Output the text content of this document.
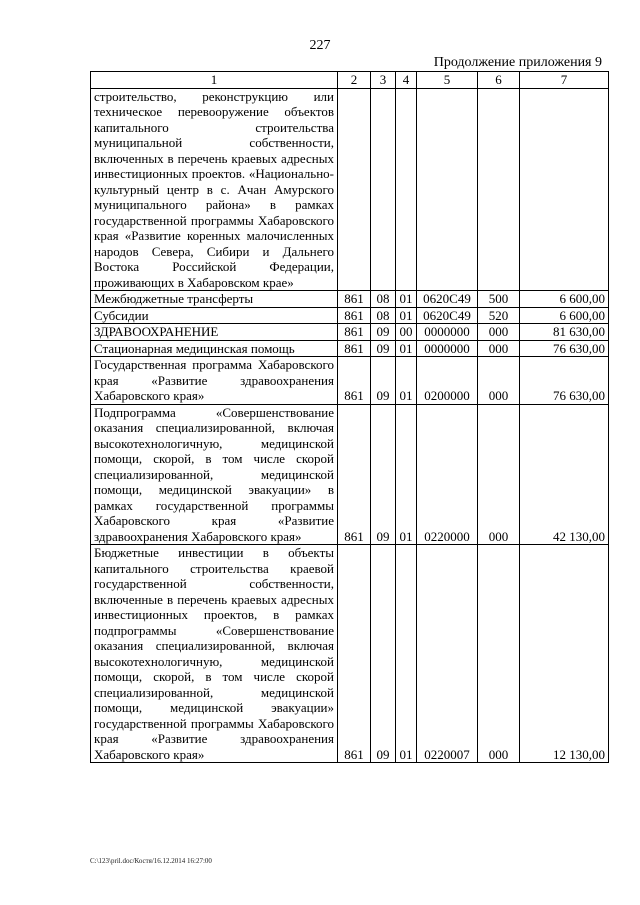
227
Продолжение приложения 9
1	2	3	4	5	6	7
строительство, реконструкцию или техническое перевооружение объектов капитального строительства муниципальной собственности, включенных в перечень краевых адресных инвестиционных проектов. «Национально-культурный центр в с. Ачан Амурского муниципального района» в рамках государственной программы Хабаровского края «Развитие коренных малочисленных народов Севера, Сибири и Дальнего Востока Российской Федерации, проживающих в Хабаровском крае»						
Межбюджетные трансферты	861	08	01	0620С49	500	6 600,00
Субсидии	861	08	01	0620С49	520	6 600,00
ЗДРАВООХРАНЕНИЕ	861	09	00	0000000	000	81 630,00
Стационарная медицинская помощь	861	09	01	0000000	000	76 630,00
Государственная программа Хабаровского края «Развитие здравоохранения Хабаровского края»	861	09	01	0200000	000	76 630,00
Подпрограмма «Совершенствование оказания специализированной, включая высокотехнологичную, медицинской помощи, скорой, в том числе скорой специализированной, медицинской помощи, медицинской эвакуации» в рамках государственной программы Хабаровского края «Развитие здравоохранения Хабаровского края»	861	09	01	0220000	000	42 130,00
Бюджетные инвестиции в объекты капитального строительства краевой государственной собственности, включенные в перечень краевых адресных инвестиционных проектов, в рамках подпрограммы «Совершенствование оказания специализированной, включая высокотехнологичную, медицинской помощи, скорой, в том числе скорой специализированной, медицинской помощи, медицинской эвакуации» государственной программы Хабаровского края «Развитие здравоохранения Хабаровского края»	861	09	01	0220007	000	12 130,00
C:\123\pril.doc/Костя/16.12.2014 16:27:00
